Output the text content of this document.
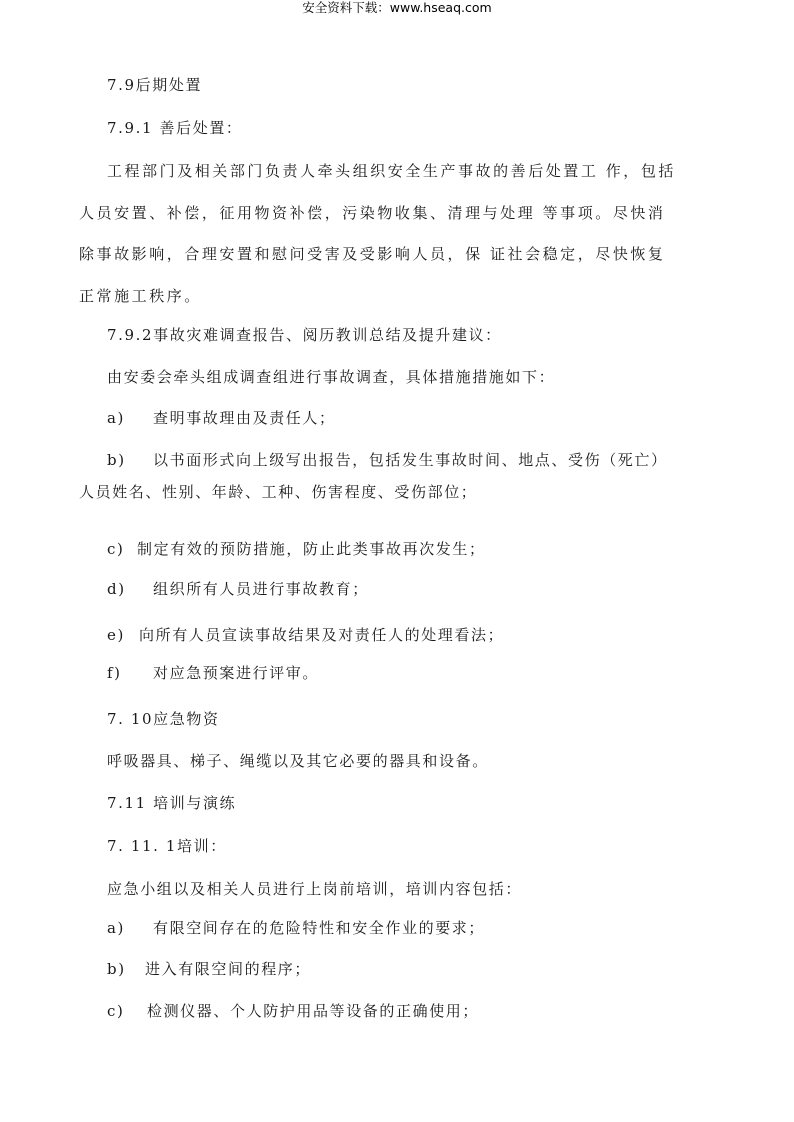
安全资料下载：www.hseaq.com
7.9后期处置
7.9.1 善后处置：
工程部门及相关部门负责人牵头组织安全生产事故的善后处置工 作，包括
人员安置、补偿，征用物资补偿，污染物收集、清理与处理 等事项。尽快消
除事故影响，合理安置和慰问受害及受影响人员，保 证社会稳定，尽快恢复
正常施工秩序。
7.9.2事故灾难调查报告、阅历教训总结及提升建议：
由安委会牵头组成调查组进行事故调查，具体措施措施如下：
a) 查明事故理由及责任人；
b) 以书面形式向上级写出报告，包括发生事故时间、地点、受伤（死亡）
人员姓名、性别、年龄、工种、伤害程度、受伤部位；
c) 制定有效的预防措施，防止此类事故再次发生；
d) 组织所有人员进行事故教育；
e) 向所有人员宣读事故结果及对责任人的处理看法；
f) 对应急预案进行评审。
7. 10应急物资
呼吸器具、梯子、绳缆以及其它必要的器具和设备。
7.11 培训与演练
7. 11. 1培训：
应急小组以及相关人员进行上岗前培训，培训内容包括：
a) 有限空间存在的危险特性和安全作业的要求；
b) 进入有限空间的程序；
c) 检测仪器、个人防护用品等设备的正确使用；
